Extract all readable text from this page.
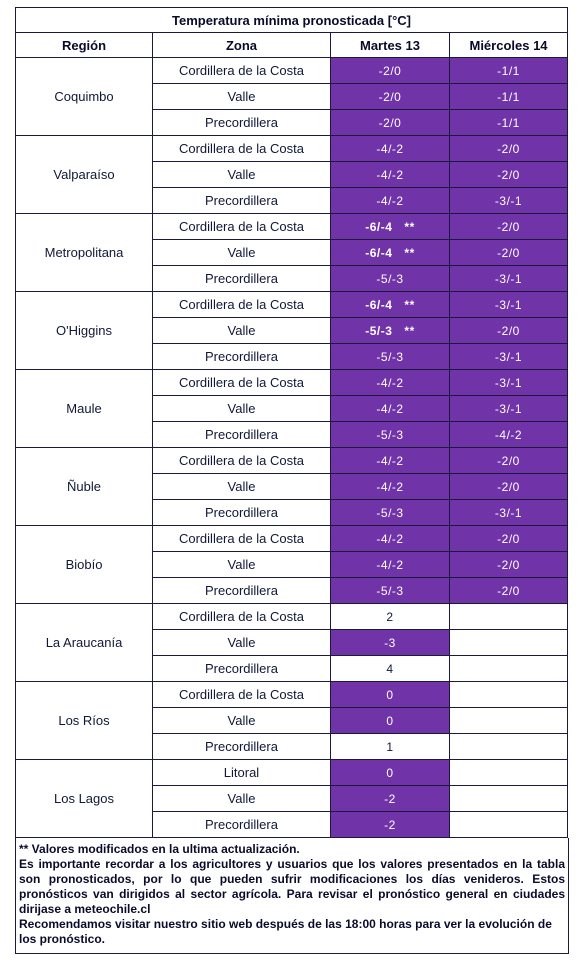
Temperatura mínima pronosticada [°C]			
Región	Zona	Martes 13	Miércoles 14
Coquimbo	Cordillera de la Costa	-2/0	-1/1
	Valle	-2/0	-1/1
	Precordillera	-2/0	-1/1
Valparaíso	Cordillera de la Costa	-4/-2	-2/0
	Valle	-4/-2	-2/0
	Precordillera	-4/-2	-3/-1
Metropolitana	Cordillera de la Costa	-6/-4 **	-2/0
	Valle	-6/-4 **	-2/0
	Precordillera	-5/-3	-3/-1
O'Higgins	Cordillera de la Costa	-6/-4 **	-3/-1
	Valle	-5/-3 **	-2/0
	Precordillera	-5/-3	-3/-1
Maule	Cordillera de la Costa	-4/-2	-3/-1
	Valle	-4/-2	-3/-1
	Precordillera	-5/-3	-4/-2
Ñuble	Cordillera de la Costa	-4/-2	-2/0
	Valle	-4/-2	-2/0
	Precordillera	-5/-3	-3/-1
Biobío	Cordillera de la Costa	-4/-2	-2/0
	Valle	-4/-2	-2/0
	Precordillera	-5/-3	-2/0
La Araucanía	Cordillera de la Costa	2	
	Valle	-3	
	Precordillera	4	
Los Ríos	Cordillera de la Costa	0	
	Valle	0	
	Precordillera	1	
Los Lagos	Litoral	0	
	Valle	-2	
	Precordillera	-2	

** Valores modificados en la ultima actualización.

Es importante recordar a los agricultores y usuarios que los valores presentados en la tabla son pronosticados, por lo que pueden sufrir modificaciones los días venideros. Estos pronósticos van dirigidos al sector agrícola. Para revisar el pronóstico general en ciudades dirijase a meteochile.cl

Recomendamos visitar nuestro sitio web después de las 18:00 horas para ver la evolución de los pronóstico.
